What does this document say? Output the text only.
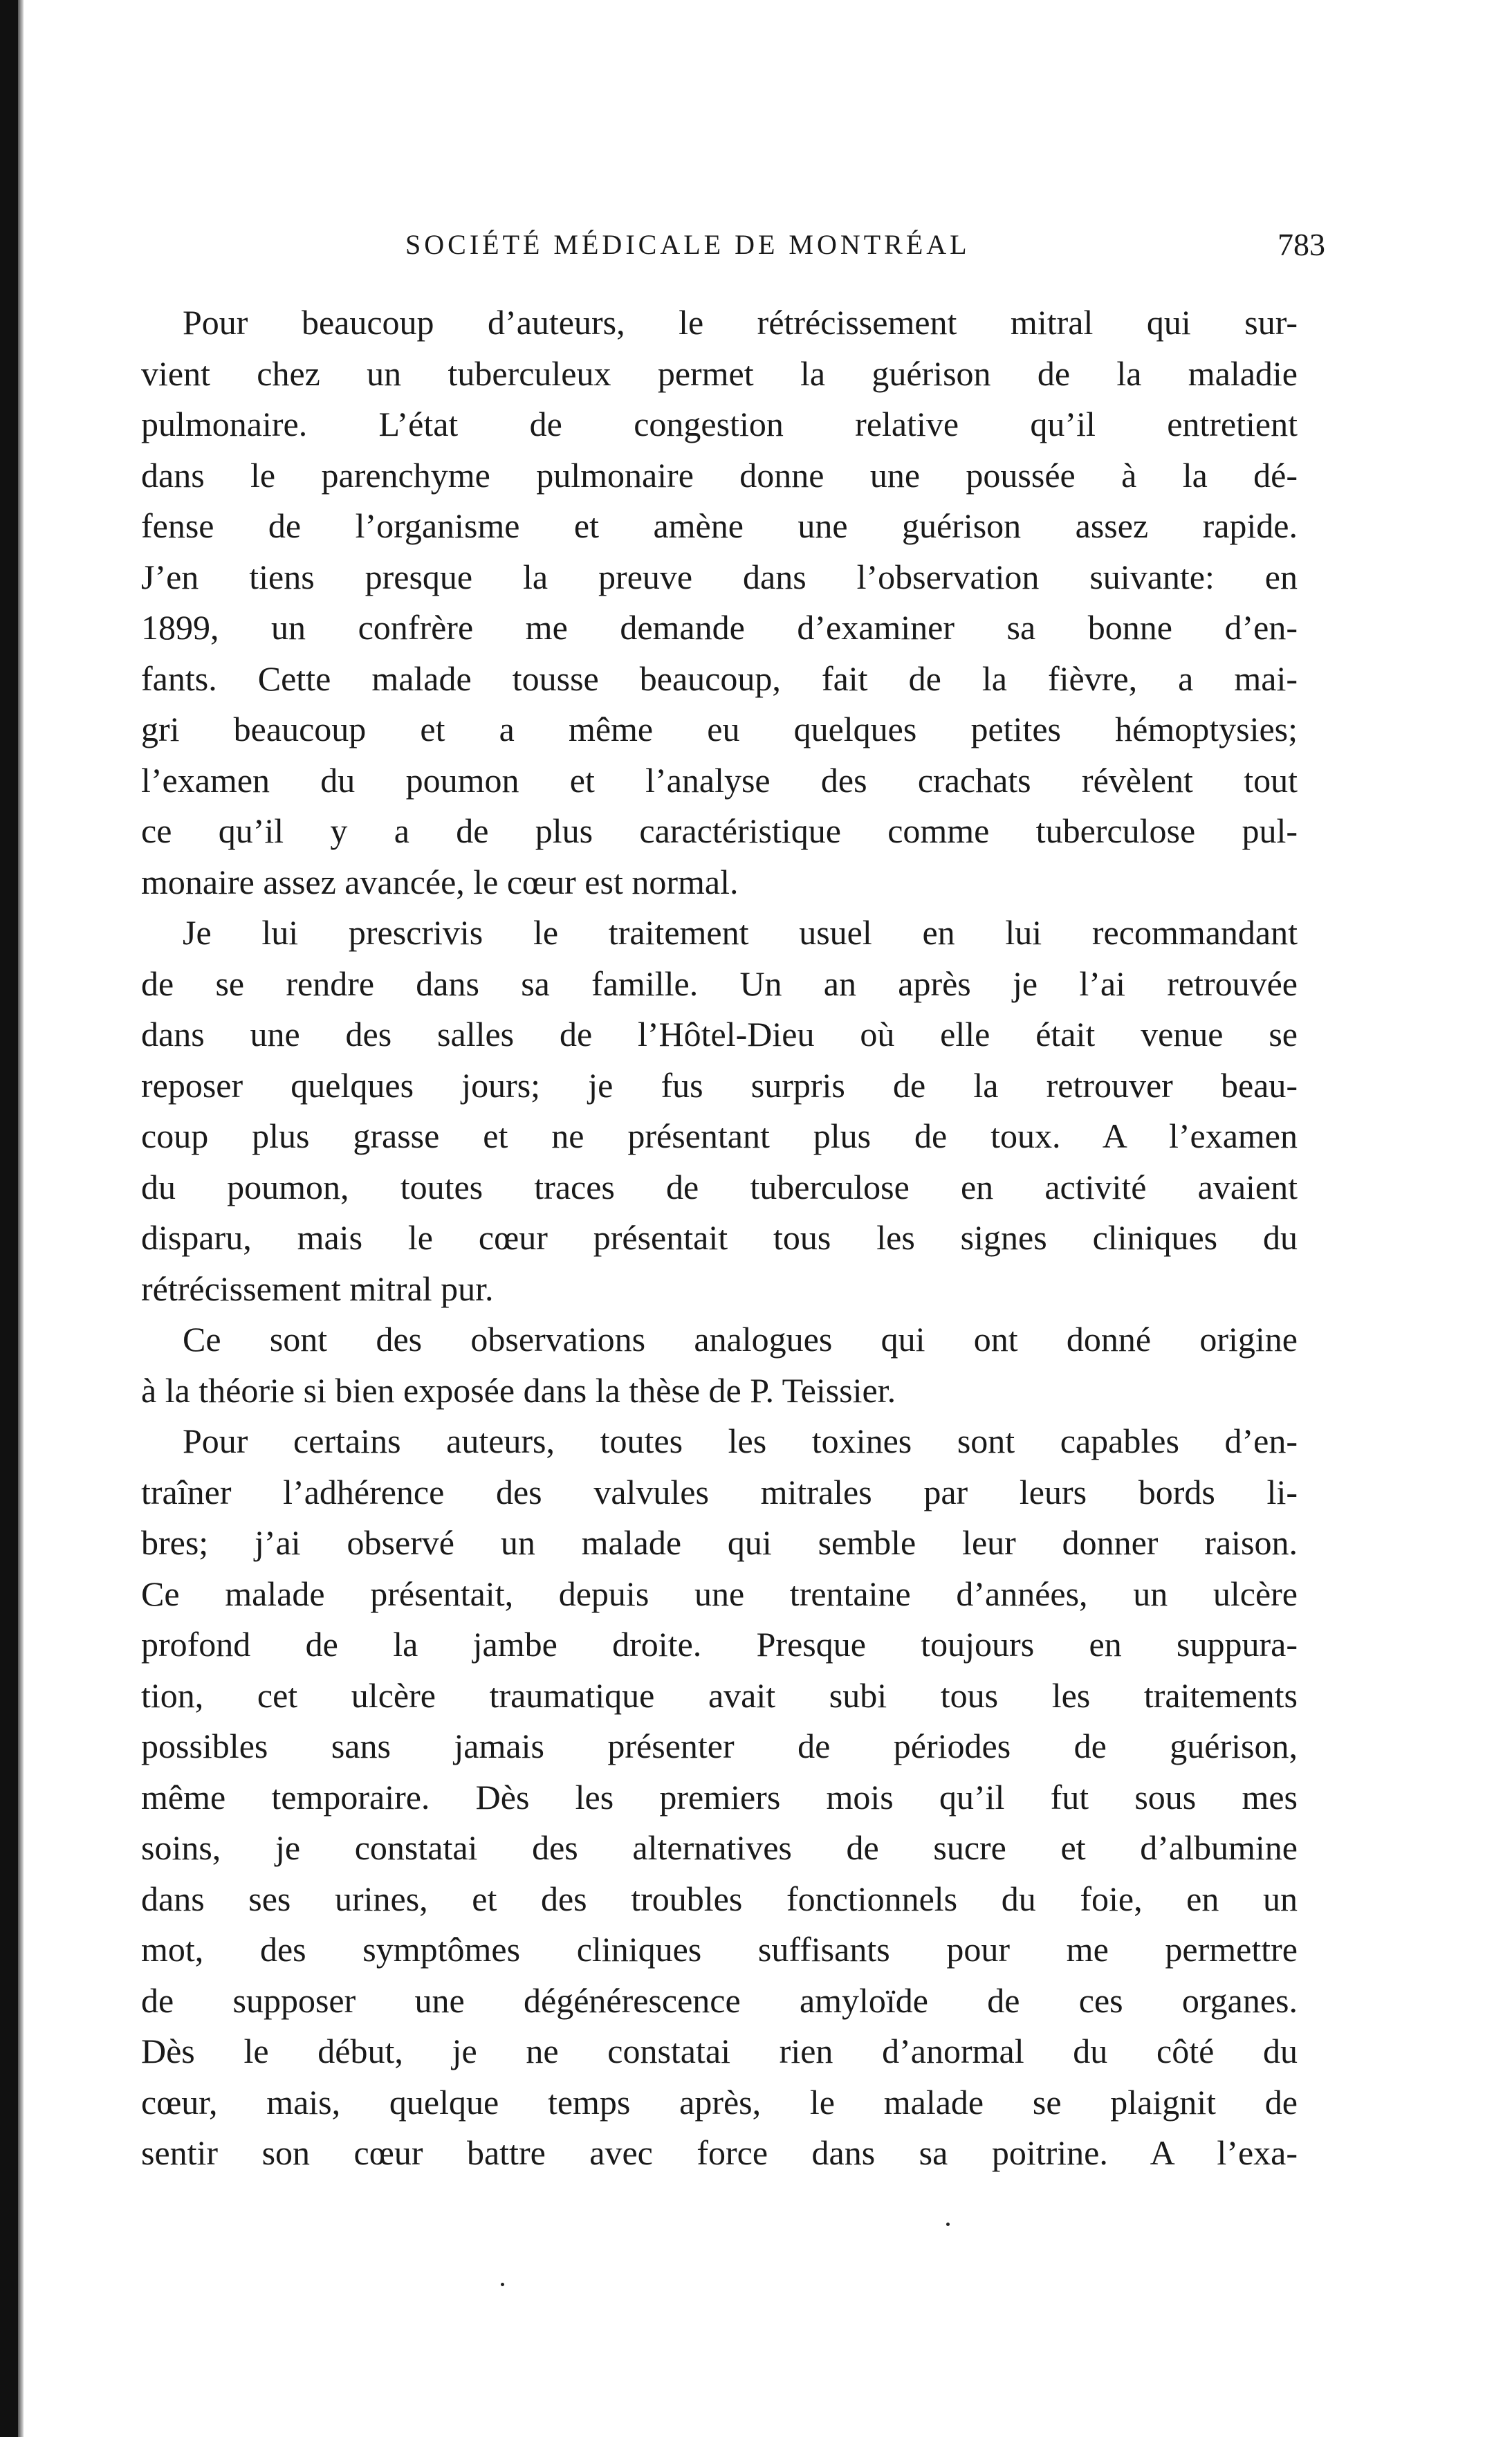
SOCIÉTÉ MÉDICALE DE MONTRÉAL	783
Pour beaucoup d’auteurs, le rétrécissement mitral qui sur-
vient chez un tuberculeux permet la guérison de la maladie
pulmonaire. L’état de congestion relative qu’il entretient
dans le parenchyme pulmonaire donne une poussée à la dé-
fense de l’organisme et amène une guérison assez rapide.
J’en tiens presque la preuve dans l’observation suivante: en
1899, un confrère me demande d’examiner sa bonne d’en-
fants. Cette malade tousse beaucoup, fait de la fièvre, a mai-
gri beaucoup et a même eu quelques petites hémoptysies;
l’examen du poumon et l’analyse des crachats révèlent tout
ce qu’il y a de plus caractéristique comme tuberculose pul-
monaire assez avancée, le cœur est normal.
Je lui prescrivis le traitement usuel en lui recommandant
de se rendre dans sa famille. Un an après je l’ai retrouvée
dans une des salles de l’Hôtel-Dieu où elle était venue se
reposer quelques jours; je fus surpris de la retrouver beau-
coup plus grasse et ne présentant plus de toux. A l’examen
du poumon, toutes traces de tuberculose en activité avaient
disparu, mais le cœur présentait tous les signes cliniques du
rétrécissement mitral pur.
Ce sont des observations analogues qui ont donné origine
à la théorie si bien exposée dans la thèse de P. Teissier.
Pour certains auteurs, toutes les toxines sont capables d’en-
traîner l’adhérence des valvules mitrales par leurs bords li-
bres; j’ai observé un malade qui semble leur donner raison.
Ce malade présentait, depuis une trentaine d’années, un ulcère
profond de la jambe droite. Presque toujours en suppura-
tion, cet ulcère traumatique avait subi tous les traitements
possibles sans jamais présenter de périodes de guérison,
même temporaire. Dès les premiers mois qu’il fut sous mes
soins, je constatai des alternatives de sucre et d’albumine
dans ses urines, et des troubles fonctionnels du foie, en un
mot, des symptômes cliniques suffisants pour me permettre
de supposer une dégénérescence amyloïde de ces organes.
Dès le début, je ne constatai rien d’anormal du côté du
cœur, mais, quelque temps après, le malade se plaignit de
sentir son cœur battre avec force dans sa poitrine. A l’exa-
